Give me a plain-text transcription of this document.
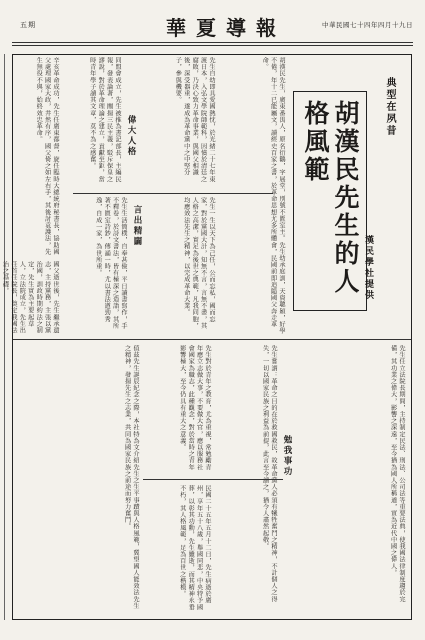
五期	華夏導報	中華民國七十四年四月十九日
典型在夙昔
胡漢民先生的人格風範
漢民學社提供
胡漢民先生，廣東番禺人，原名衍鸛，字展堂，別號不匱室主。先生幼承庭訓，天資聰穎，好學不倦，年十二已能屬文，讀經史百家之書，於革命思想尤多所體會，民國前即追隨國父奔走革命。
先生自幼即具愛國熱忱，於光緒二十七年東渡日本，入弘文學院師範科，因憤於清廷之腐敗，乃決心致力革命事業，與國父相識後，深受器重，遂成為革命黨中之中堅分子，參與機要。
偉大人格
同盟會成立，先生被推為書記部長，主編民報，發表論著，闡揚三民主義，駁斥保皇之謬說，對於革命理論之建立，貢獻至鉅，當時青年學子讀其文章，莫不為之感奮。
辛亥革命成功，先生任廣東都督，旋任臨時大總統府秘書長，協助國父處理國家大政，井然有序，國父倚之如左右手，其後討袁護法，先生無役不與，始終效忠革命。
先生一生以天下為己任，公而忘私，國而忘家，對於黨國大計，知無不言，言無不盡，其人格之高潔，實足為後世之典範，凡我同胞，均應效法先生之精神，以完成革命大業。
言出精闢
先生生活簡樸，自奉甚儉，平日讀書寫作，手不釋卷，於詩文書法，皆有極深之造詣，其所著不匱室詩鈔，傳誦一時，尤以書法遒勁秀逸，自成一家，為世所重。
國父逝世後，先生繼承遺志，主持黨務，主張以黨治國，訓政時期約法之制定，先生實為主要起草人，立法院成立，先生出任首任院長，奠定我國法治之基礎。
先生任立法院長期間，主持制定民法、刑法、公司法等重要法典，使我國法律制度趨於完備，其功業之偉大，影響之深遠，至今猶為國人所稱道，實為近代中國之偉人。
勉我事功
先生嘗謂：革命之目的在於救國救民，故革命黨人必須有犧牲奮鬥之精神，不計個人之得失，一切以國家民族之利益為前提，此言至今讀之，猶令人肅然起敬。
先生對於青年之教育，尤為重視，常勉勵青年應立志做大事，不要做大官，應以服務社會國家為職志，此種觀念，對於當時之青年影響極大，至今仍具有重大之意義。
民國二十五年五月十二日，先生病逝於廣州，享年五十八歲，舉國同悲，中央特予國葬，以彰其功勳，先生雖逝，而其精神永垂不朽，其人格風範，足為百世之楷模。
值茲先生誕辰紀念之際，本社特為文介紹先生之生平事蹟與人格風範，冀望國人能效法先生之精神，發揚先生之志業，共同為國家民族之前途而努力奮鬥。
